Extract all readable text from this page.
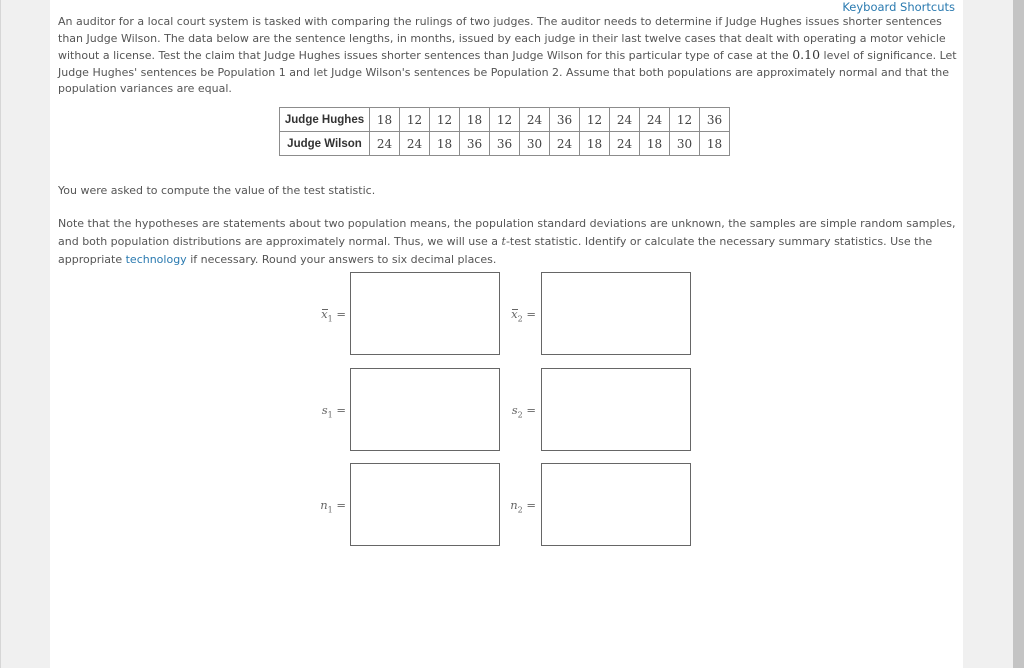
Keyboard Shortcuts

An auditor for a local court system is tasked with comparing the rulings of two judges. The auditor needs to determine if Judge Hughes issues shorter sentences than Judge Wilson. The data below are the sentence lengths, in months, issued by each judge in their last twelve cases that dealt with operating a motor vehicle without a license. Test the claim that Judge Hughes issues shorter sentences than Judge Wilson for this particular type of case at the 0.10 level of significance. Let Judge Hughes' sentences be Population 1 and let Judge Wilson's sentences be Population 2. Assume that both populations are approximately normal and that the population variances are equal.

Judge Hughes	18	12	12	18	12	24	36	12	24	24	12	36
Judge Wilson	24	24	18	36	36	30	24	18	24	18	30	18

You were asked to compute the value of the test statistic.

Note that the hypotheses are statements about two population means, the population standard deviations are unknown, the samples are simple random samples, and both population distributions are approximately normal. Thus, we will use a t-test statistic. Identify or calculate the necessary summary statistics. Use the appropriate technology if necessary. Round your answers to six decimal places.

$x_1$ =	$x_2$ =
$s_1$ =	$s_2$ =
$n_1$ =	$n_2$ =
